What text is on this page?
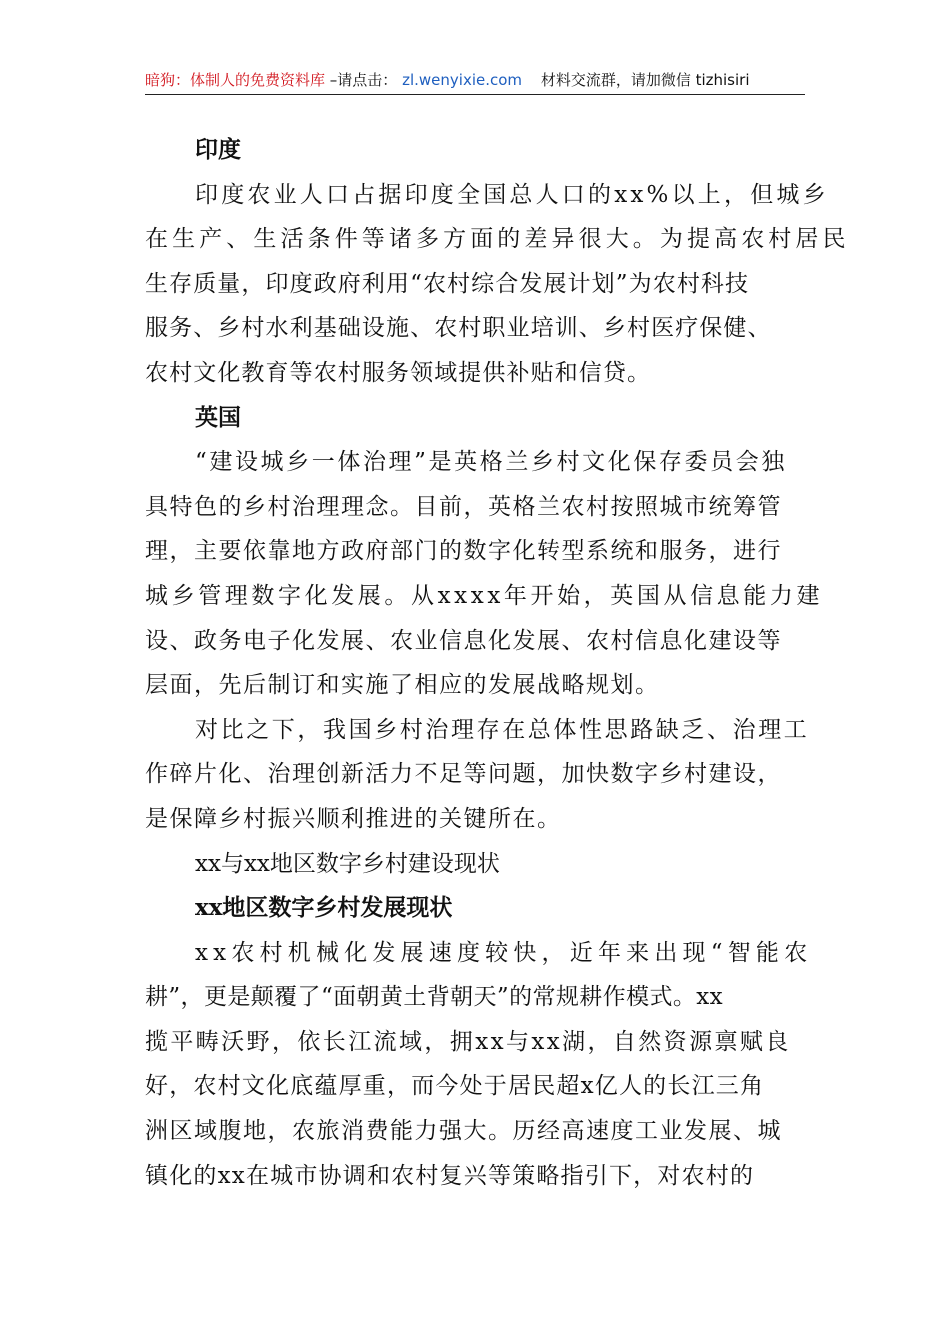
暗狗：体制人的免费资料库 –请点击： zl.wenyixie.com 材料交流群，请加微信 tizhisiri
印度
印度农业人口占据印度全国总人口的xx%以上，但城乡
在生产、生活条件等诸多方面的差异很大。为提高农村居民
生存质量，印度政府利用“农村综合发展计划”为农村科技
服务、乡村水利基础设施、农村职业培训、乡村医疗保健、
农村文化教育等农村服务领域提供补贴和信贷。
英国
“建设城乡一体治理”是英格兰乡村文化保存委员会独
具特色的乡村治理理念。目前，英格兰农村按照城市统筹管
理，主要依靠地方政府部门的数字化转型系统和服务，进行
城乡管理数字化发展。从xxxx年开始，英国从信息能力建
设、政务电子化发展、农业信息化发展、农村信息化建设等
层面，先后制订和实施了相应的发展战略规划。
对比之下，我国乡村治理存在总体性思路缺乏、治理工
作碎片化、治理创新活力不足等问题，加快数字乡村建设，
是保障乡村振兴顺利推进的关键所在。
xx与xx地区数字乡村建设现状
xx地区数字乡村发展现状
xx农村机械化发展速度较快，近年来出现“智能农
耕”，更是颠覆了“面朝黄土背朝天”的常规耕作模式。xx
揽平畴沃野，依长江流域，拥xx与xx湖，自然资源禀赋良
好，农村文化底蕴厚重，而今处于居民超x亿人的长江三角
洲区域腹地，农旅消费能力强大。历经高速度工业发展、城
镇化的xx在城市协调和农村复兴等策略指引下，对农村的
